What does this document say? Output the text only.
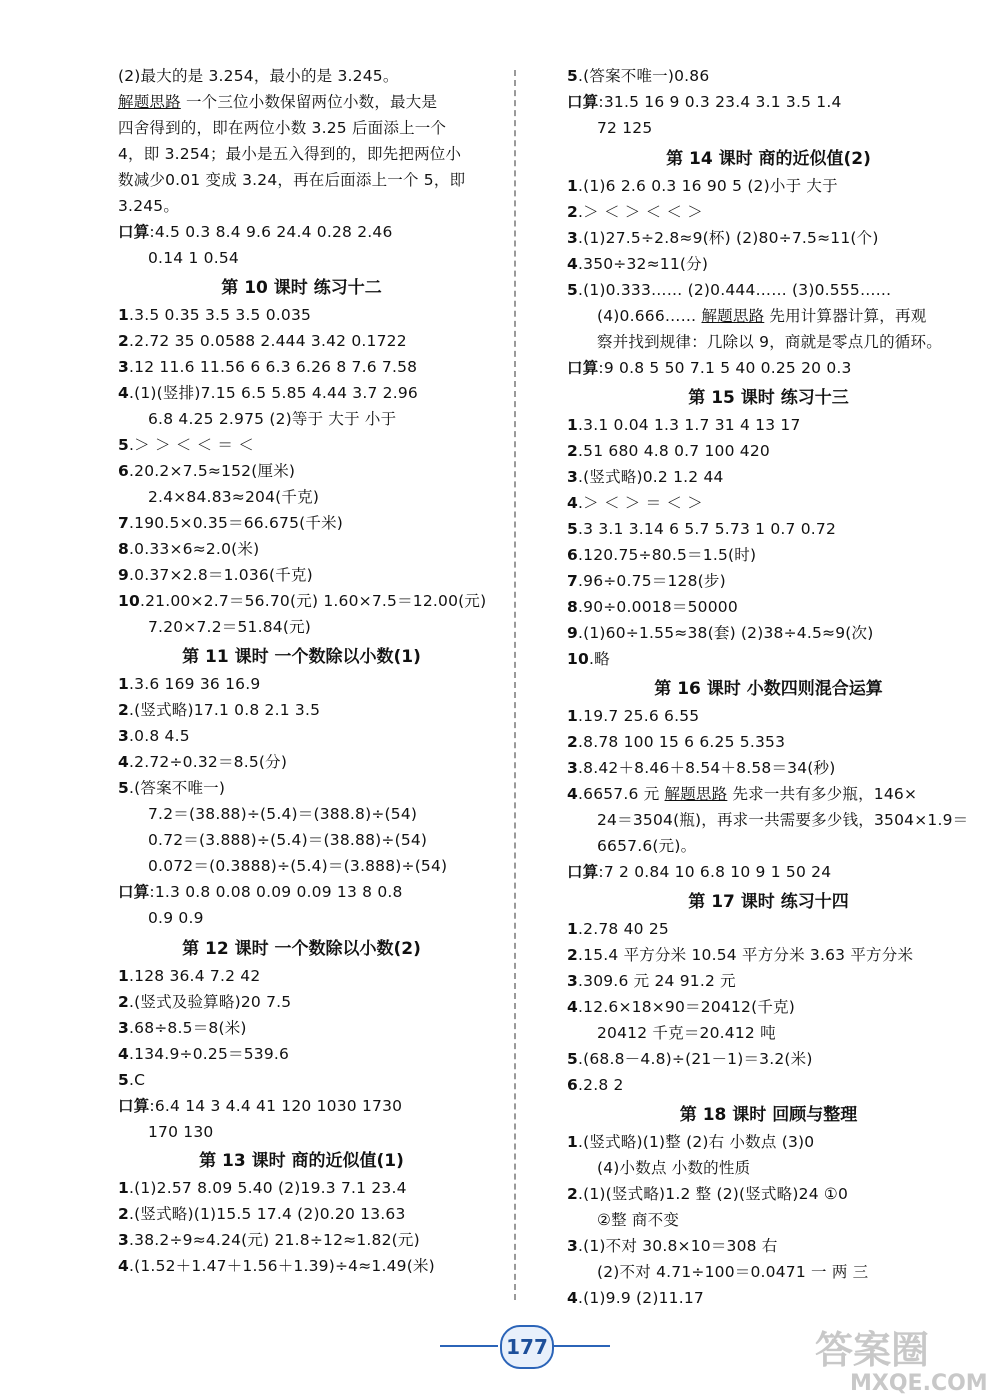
(2)最大的是 3.254，最小的是 3.245。
解题思路 一个三位小数保留两位小数，最大是
四舍得到的，即在两位小数 3.25 后面添上一个
4，即 3.254；最小是五入得到的，即先把两位小
数减少0.01 变成 3.24，再在后面添上一个 5，即
3.245。
口算:4.5 0.3 8.4 9.6 24.4 0.28 2.46
0.14 1 0.54
第 10 课时 练习十二
1.3.5 0.35 3.5 3.5 0.035
2.2.72 35 0.0588 2.444 3.42 0.1722
3.12 11.6 11.56 6 6.3 6.26 8 7.6 7.58
4.(1)(竖排)7.15 6.5 5.85 4.44 3.7 2.96
6.8 4.25 2.975 (2)等于 大于 小于
5.＞ ＞ ＜ ＜ ＝ ＜
6.20.2×7.5≈152(厘米)
2.4×84.83≈204(千克)
7.190.5×0.35＝66.675(千米)
8.0.33×6≈2.0(米)
9.0.37×2.8＝1.036(千克)
10.21.00×2.7＝56.70(元) 1.60×7.5＝12.00(元)
7.20×7.2＝51.84(元)
第 11 课时 一个数除以小数(1)
1.3.6 169 36 16.9
2.(竖式略)17.1 0.8 2.1 3.5
3.0.8 4.5
4.2.72÷0.32＝8.5(分)
5.(答案不唯一)
7.2＝(38.88)÷(5.4)＝(388.8)÷(54)
0.72＝(3.888)÷(5.4)＝(38.88)÷(54)
0.072＝(0.3888)÷(5.4)＝(3.888)÷(54)
口算:1.3 0.8 0.08 0.09 0.09 13 8 0.8
0.9 0.9
第 12 课时 一个数除以小数(2)
1.128 36.4 7.2 42
2.(竖式及验算略)20 7.5
3.68÷8.5＝8(米)
4.134.9÷0.25＝539.6
5.C
口算:6.4 14 3 4.4 41 120 1030 1730
170 130
第 13 课时 商的近似值(1)
1.(1)2.57 8.09 5.40 (2)19.3 7.1 23.4
2.(竖式略)(1)15.5 17.4 (2)0.20 13.63
3.38.2÷9≈4.24(元) 21.8÷12≈1.82(元)
4.(1.52＋1.47＋1.56＋1.39)÷4≈1.49(米)
5.(答案不唯一)0.86
口算:31.5 16 9 0.3 23.4 3.1 3.5 1.4
72 125
第 14 课时 商的近似值(2)
1.(1)6 2.6 0.3 16 90 5 (2)小于 大于
2.＞ ＜ ＞ ＜ ＜ ＞
3.(1)27.5÷2.8≈9(杯) (2)80÷7.5≈11(个)
4.350÷32≈11(分)
5.(1)0.333…… (2)0.444…… (3)0.555……
(4)0.666…… 解题思路 先用计算器计算，再观
察并找到规律：几除以 9，商就是零点几的循环。
口算:9 0.8 5 50 7.1 5 40 0.25 20 0.3
第 15 课时 练习十三
1.3.1 0.04 1.3 1.7 31 4 13 17
2.51 680 4.8 0.7 100 420
3.(竖式略)0.2 1.2 44
4.＞ ＜ ＞ ＝ ＜ ＞
5.3 3.1 3.14 6 5.7 5.73 1 0.7 0.72
6.120.75÷80.5＝1.5(时)
7.96÷0.75＝128(步)
8.90÷0.0018＝50000
9.(1)60÷1.55≈38(套) (2)38÷4.5≈9(次)
10.略
第 16 课时 小数四则混合运算
1.19.7 25.6 6.55
2.8.78 100 15 6 6.25 5.353
3.8.42＋8.46＋8.54＋8.58＝34(秒)
4.6657.6 元 解题思路 先求一共有多少瓶，146×
24＝3504(瓶)，再求一共需要多少钱，3504×1.9＝
6657.6(元)。
口算:7 2 0.84 10 6.8 10 9 1 50 24
第 17 课时 练习十四
1.2.78 40 25
2.15.4 平方分米 10.54 平方分米 3.63 平方分米
3.309.6 元 24 91.2 元
4.12.6×18×90＝20412(千克)
20412 千克＝20.412 吨
5.(68.8－4.8)÷(21－1)＝3.2(米)
6.2.8 2
第 18 课时 回顾与整理
1.(竖式略)(1)整 (2)右 小数点 (3)0
(4)小数点 小数的性质
2.(1)(竖式略)1.2 整 (2)(竖式略)24 ①0
②整 商不变
3.(1)不对 30.8×10＝308 右
(2)不对 4.71÷100＝0.0471 一 两 三
4.(1)9.9 (2)11.17
177	答案圈
MXQE.COM
